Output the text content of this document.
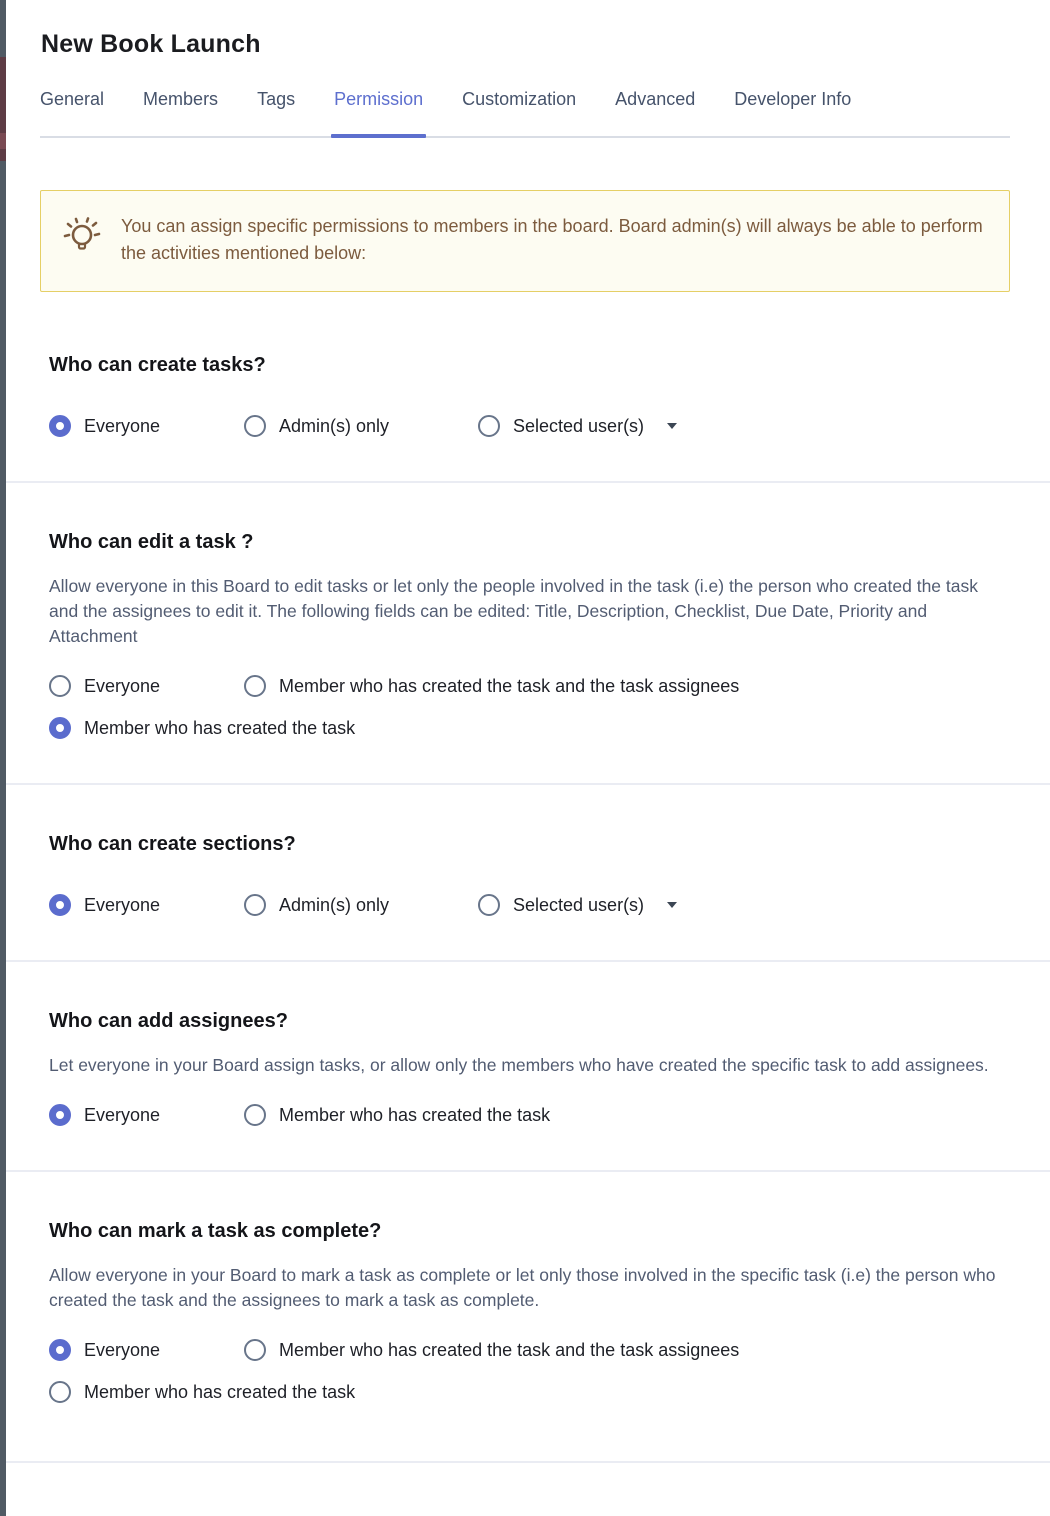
New Book Launch
General Members Tags Permission Customization Advanced Developer Info

You can assign specific permissions to members in the board. Board admin(s) will always be able to perform the activities mentioned below:

Who can create tasks?
Everyone	Admin(s) only	Selected user(s)
Who can edit a task ?

Allow everyone in this Board to edit tasks or let only the people involved in the task (i.e) the person who created the task and the assignees to edit it. The following fields can be edited: Title, Description, Checklist, Due Date, Priority and Attachment

Everyone	Member who has created the task and the task assignees
Member who has created the task
Who can create sections?
Everyone	Admin(s) only	Selected user(s)
Who can add assignees?

Let everyone in your Board assign tasks, or allow only the members who have created the specific task to add assignees.

Everyone	Member who has created the task
Who can mark a task as complete?

Allow everyone in your Board to mark a task as complete or let only those involved in the specific task (i.e) the person who created the task and the assignees to mark a task as complete.

Everyone	Member who has created the task and the task assignees
Member who has created the task
